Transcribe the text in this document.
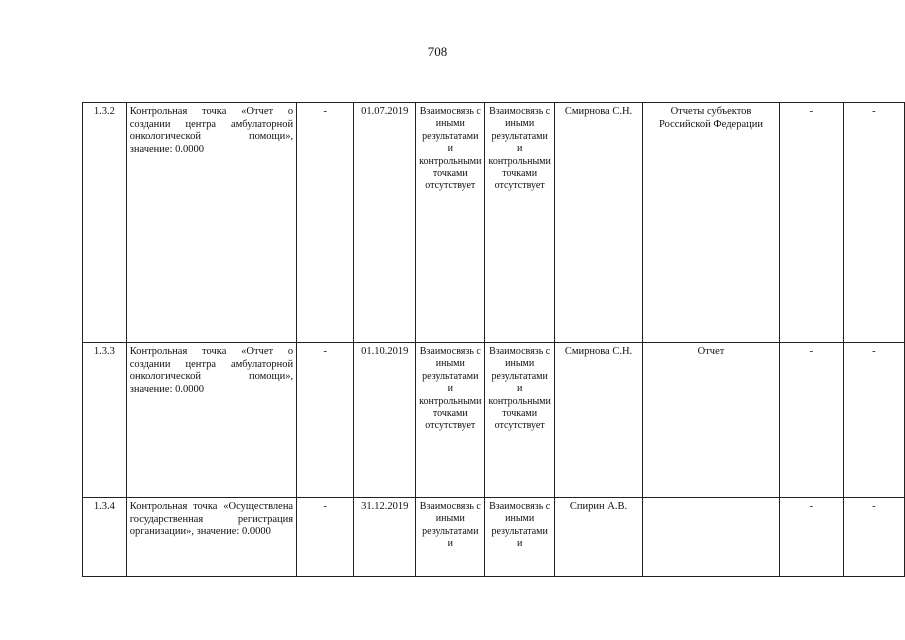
708
1.3.2	Контрольная точка «Отчет о создании центра амбулаторной онкологической помощи», значение: 0.0000	-	01.07.2019	Взаимосвязь с иными результатами и контрольными точками отсутствует	Взаимосвязь с иными результатами и контрольными точками отсутствует	Смирнова С.Н.	Отчеты субъектов Российской Федерации	-	-
1.3.3	Контрольная точка «Отчет о создании центра амбулаторной онкологической помощи», значение: 0.0000	-	01.10.2019	Взаимосвязь с иными результатами и контрольными точками отсутствует	Взаимосвязь с иными результатами и контрольными точками отсутствует	Смирнова С.Н.	Отчет	-	-
1.3.4	Контрольная точка «Осуществлена государственная регистрация организации», значение: 0.0000	-	31.12.2019	Взаимосвязь с иными результатами и	Взаимосвязь с иными результатами и	Спирин А.В.		-	-
